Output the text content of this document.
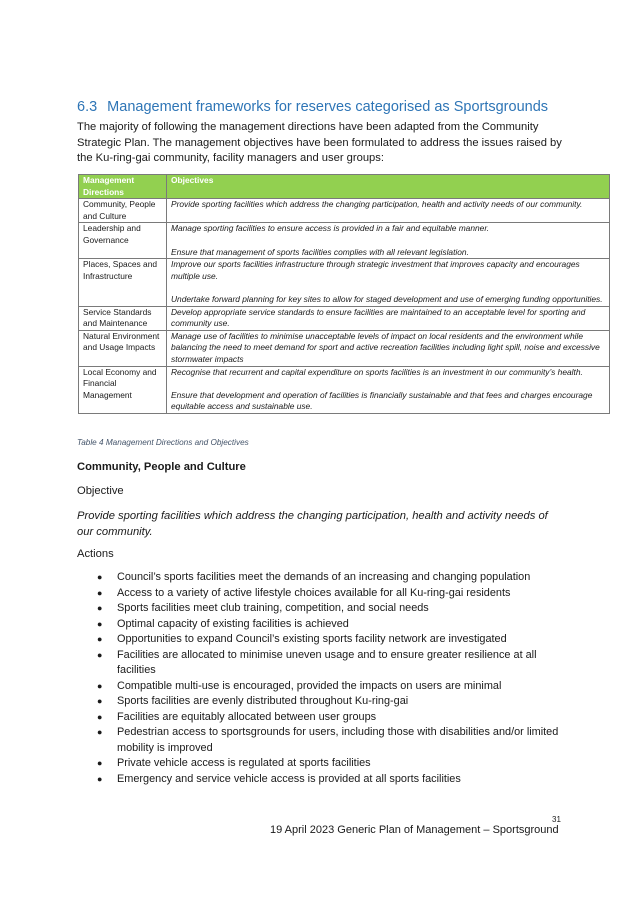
6.3 Management frameworks for reserves categorised as Sportsgrounds
The majority of following the management directions have been adapted from the Community Strategic Plan. The management objectives have been formulated to address the issues raised by the Ku-ring-gai community, facility managers and user groups:
Management Directions	Objectives
Community, People and Culture	Provide sporting facilities which address the changing participation, health and activity needs of our community.

Leadership and Governance	Manage sporting facilities to ensure access is provided in a fair and equitable manner.

Ensure that management of sports facilities complies with all relevant legislation.

Places, Spaces and Infrastructure	Improve our sports facilities infrastructure through strategic investment that improves capacity and encourages multiple use.

Undertake forward planning for key sites to allow for staged development and use of emerging funding opportunities.

Service Standards and Maintenance	Develop appropriate service standards to ensure facilities are maintained to an acceptable level for sporting and community use.

Natural Environment and Usage Impacts	Manage use of facilities to minimise unacceptable levels of impact on local residents and the environment while balancing the need to meet demand for sport and active recreation facilities including light spill, noise and excessive stormwater impacts

Local Economy and Financial Management	Recognise that recurrent and capital expenditure on sports facilities is an investment in our community’s health.

Ensure that development and operation of facilities is financially sustainable and that fees and charges encourage equitable access and sustainable use.

Table 4 Management Directions and Objectives
Community, People and Culture
Objective
Provide sporting facilities which address the changing participation, health and activity needs of our community.
Actions
● Council’s sports facilities meet the demands of an increasing and changing population
● Access to a variety of active lifestyle choices available for all Ku-ring-gai residents
● Sports facilities meet club training, competition, and social needs
● Optimal capacity of existing facilities is achieved
● Opportunities to expand Council’s existing sports facility network are investigated
● Facilities are allocated to minimise uneven usage and to ensure greater resilience at all facilities
● Compatible multi-use is encouraged, provided the impacts on users are minimal
● Sports facilities are evenly distributed throughout Ku-ring-gai
● Facilities are equitably allocated between user groups
● Pedestrian access to sportsgrounds for users, including those with disabilities and/or limited mobility is improved
● Private vehicle access is regulated at sports facilities
● Emergency and service vehicle access is provided at all sports facilities
31
19 April 2023 Generic Plan of Management – Sportsground
